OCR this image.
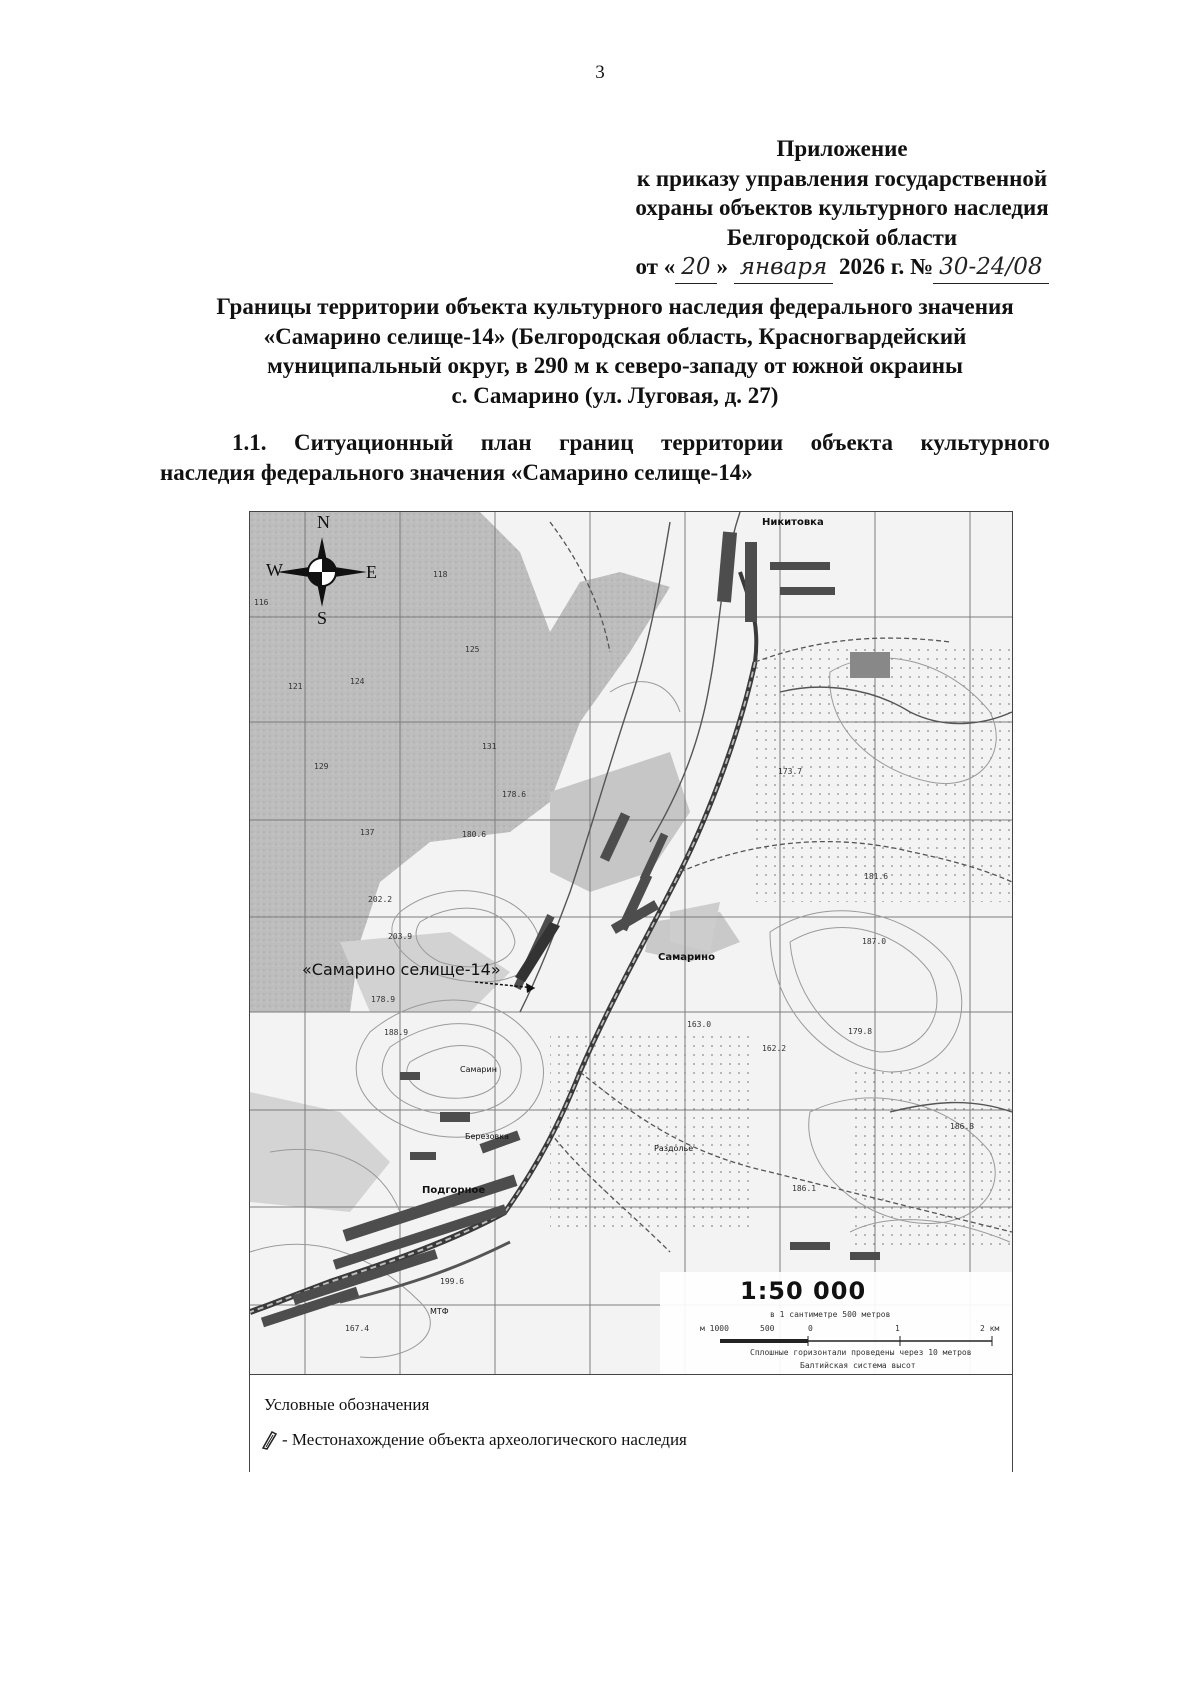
3
Приложение
к приказу управления государственной
охраны объектов культурного наследия
Белгородской области
от « 20 » января 2026 г. № 30-24/08
Границы территории объекта культурного наследия федерального значения
«Самарино селище-14» (Белгородская область, Красногвардейский
муниципальный округ, в 290 м к северо-западу от южной окраины
с. Самарино (ул. Луговая, д. 27)
1.1. Ситуационный план границ территории объекта культурного
наследия федерального значения «Самарино селище-14»
N
S
W	E
«Самарино селище-14»
Никитовка
Самарино
Подгорное
Березовка
Раздолье
МТФ
Самарин
121
124
129
137
131
125
118
116
178.6
180.6
202.2
203.9
178.9
188.9
163.0
162.2
179.8
167.4
199.6
186.1
187.0
173.7
181.6
186.8
1:50 000
в 1 сантиметре 500 метров
м 1000	500	0	1	2 км
Сплошные горизонтали проведены через 10 метров
Балтийская система высот
Условные обозначения
- Местонахождение объекта археологического наследия
